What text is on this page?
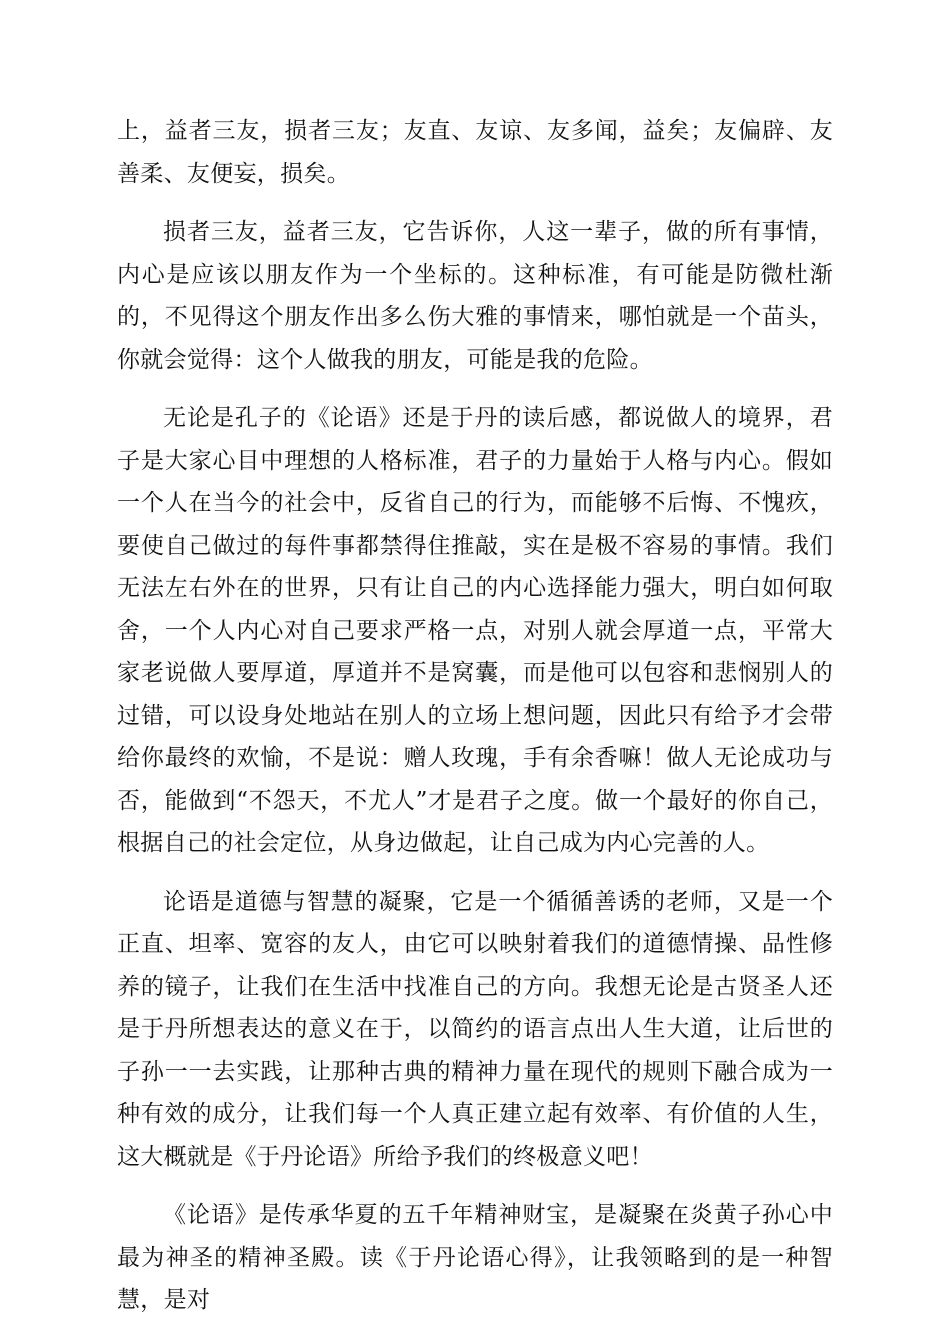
上，益者三友，损者三友；友直、友谅、友多闻，益矣；友偏辟、友善柔、友便妄，损矣。

损者三友，益者三友，它告诉你，人这一辈子，做的所有事情，内心是应该以朋友作为一个坐标的。这种标准，有可能是防微杜渐的，不见得这个朋友作出多么伤大雅的事情来，哪怕就是一个苗头，你就会觉得：这个人做我的朋友，可能是我的危险。

无论是孔子的《论语》还是于丹的读后感，都说做人的境界，君子是大家心目中理想的人格标准，君子的力量始于人格与内心。假如一个人在当今的社会中，反省自己的行为，而能够不后悔、不愧疚，要使自己做过的每件事都禁得住推敲，实在是极不容易的事情。我们无法左右外在的世界，只有让自己的内心选择能力强大，明白如何取舍，一个人内心对自己要求严格一点，对别人就会厚道一点，平常大家老说做人要厚道，厚道并不是窝囊，而是他可以包容和悲悯别人的过错，可以设身处地站在别人的立场上想问题，因此只有给予才会带给你最终的欢愉，不是说：赠人玫瑰，手有余香嘛！做人无论成功与否，能做到“不怨天，不尤人”才是君子之度。做一个最好的你自己，根据自己的社会定位，从身边做起，让自己成为内心完善的人。

论语是道德与智慧的凝聚，它是一个循循善诱的老师，又是一个正直、坦率、宽容的友人，由它可以映射着我们的道德情操、品性修养的镜子，让我们在生活中找准自己的方向。我想无论是古贤圣人还是于丹所想表达的意义在于，以简约的语言点出人生大道，让后世的子孙一一去实践，让那种古典的精神力量在现代的规则下融合成为一种有效的成分，让我们每一个人真正建立起有效率、有价值的人生，这大概就是《于丹论语》所给予我们的终极意义吧！

《论语》是传承华夏的五千年精神财宝，是凝聚在炎黄子孙心中最为神圣的精神圣殿。读《于丹论语心得》，让我领略到的是一种智慧，是对
